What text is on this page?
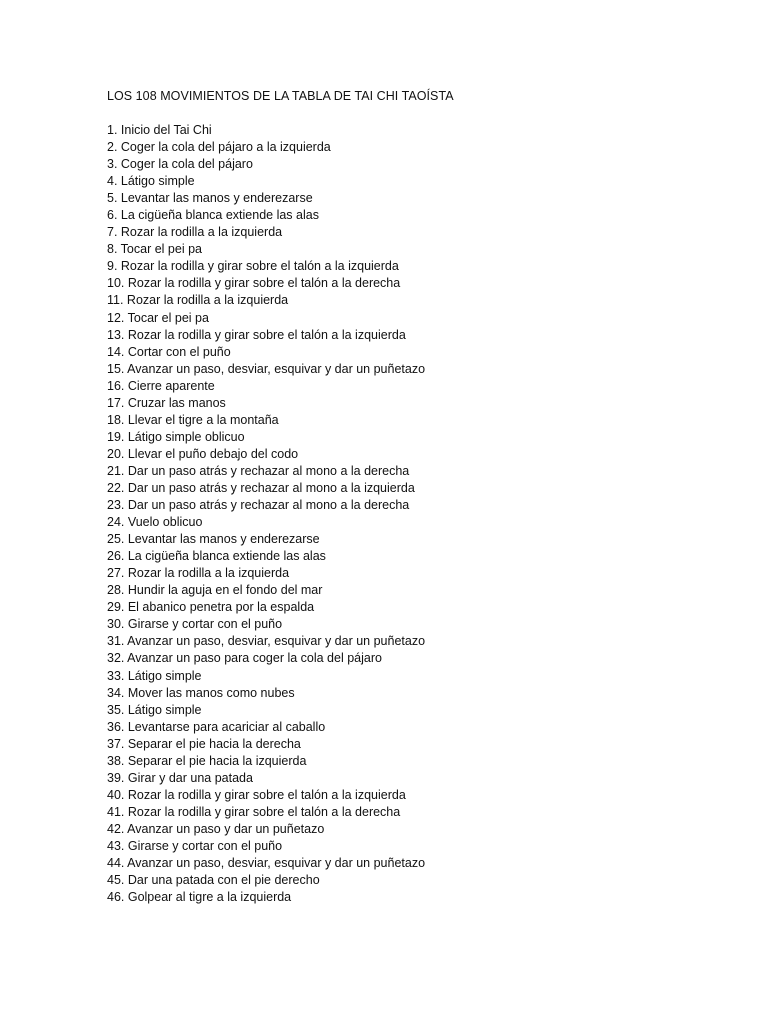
LOS 108 MOVIMIENTOS DE LA TABLA DE TAI CHI TAOÍSTA
1. Inicio del Tai Chi
2. Coger la cola del pájaro a la izquierda
3. Coger la cola del pájaro
4. Látigo simple
5. Levantar las manos y enderezarse
6. La cigüeña blanca extiende las alas
7. Rozar la rodilla a la izquierda
8. Tocar el pei pa
9. Rozar la rodilla y girar sobre el talón a la izquierda
10. Rozar la rodilla y girar sobre el talón a la derecha
11. Rozar la rodilla a la izquierda
12. Tocar el pei pa
13. Rozar la rodilla y girar sobre el talón a la izquierda
14. Cortar con el puño
15. Avanzar un paso, desviar, esquivar y dar un puñetazo
16. Cierre aparente
17. Cruzar las manos
18. Llevar el tigre a la montaña
19. Látigo simple oblicuo
20. Llevar el puño debajo del codo
21. Dar un paso atrás y rechazar al mono a la derecha
22. Dar un paso atrás y rechazar al mono a la izquierda
23. Dar un paso atrás y rechazar al mono a la derecha
24. Vuelo oblicuo
25. Levantar las manos y enderezarse
26. La cigüeña blanca extiende las alas
27. Rozar la rodilla a la izquierda
28. Hundir la aguja en el fondo del mar
29. El abanico penetra por la espalda
30. Girarse y cortar con el puño
31. Avanzar un paso, desviar, esquivar y dar un puñetazo
32. Avanzar un paso para coger la cola del pájaro
33. Látigo simple
34. Mover las manos como nubes
35. Látigo simple
36. Levantarse para acariciar al caballo
37. Separar el pie hacia la derecha
38. Separar el pie hacia la izquierda
39. Girar y dar una patada
40. Rozar la rodilla y girar sobre el talón a la izquierda
41. Rozar la rodilla y girar sobre el talón a la derecha
42. Avanzar un paso y dar un puñetazo
43. Girarse y cortar con el puño
44. Avanzar un paso, desviar, esquivar y dar un puñetazo
45. Dar una patada con el pie derecho
46. Golpear al tigre a la izquierda
